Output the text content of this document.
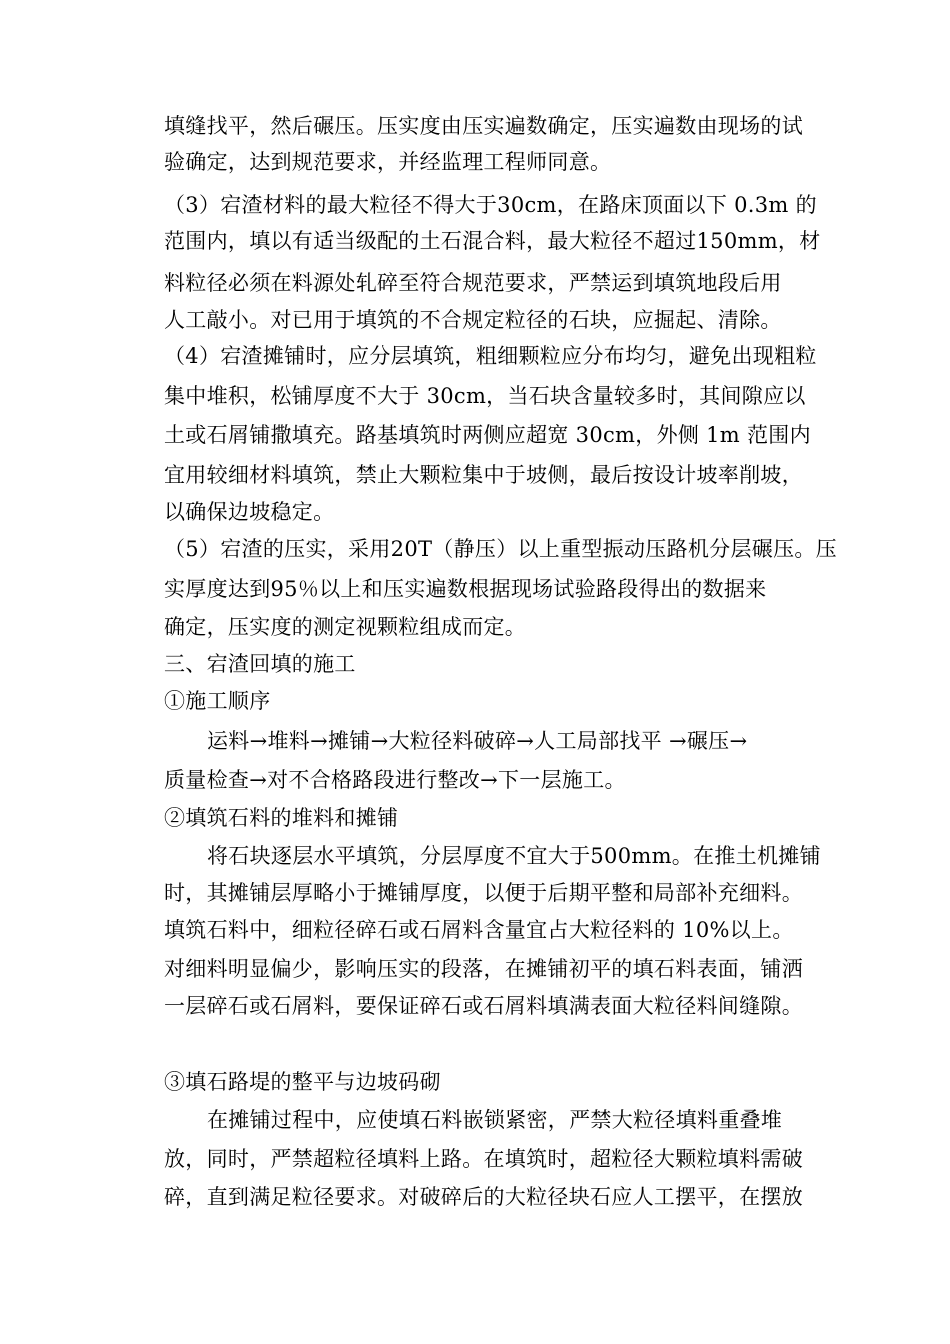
填缝找平，然后碾压。压实度由压实遍数确定，压实遍数由现场的试
验确定，达到规范要求，并经监理工程师同意。
（3）宕渣材料的最大粒径不得大于30cm，在路床顶面以下 0.3m 的
范围内，填以有适当级配的土石混合料，最大粒径不超过150mm，材
料粒径必须在料源处轧碎至符合规范要求，严禁运到填筑地段后用
人工敲小。对已用于填筑的不合规定粒径的石块，应掘起、清除。
（4）宕渣摊铺时，应分层填筑，粗细颗粒应分布均匀，避免出现粗粒
集中堆积，松铺厚度不大于 30cm，当石块含量较多时，其间隙应以
土或石屑铺撒填充。路基填筑时两侧应超宽 30cm，外侧 1m 范围内
宜用较细材料填筑，禁止大颗粒集中于坡侧，最后按设计坡率削坡，
以确保边坡稳定。
（5）宕渣的压实，采用20T（静压）以上重型振动压路机分层碾压。压
实厚度达到95％以上和压实遍数根据现场试验路段得出的数据来
确定，压实度的测定视颗粒组成而定。
三、宕渣回填的施工
①施工顺序
运料→堆料→摊铺→大粒径料破碎→人工局部找平 →碾压→
质量检查→对不合格路段进行整改→下一层施工。
②填筑石料的堆料和摊铺
将石块逐层水平填筑，分层厚度不宜大于500mm。在推土机摊铺
时，其摊铺层厚略小于摊铺厚度，以便于后期平整和局部补充细料。
填筑石料中，细粒径碎石或石屑料含量宜占大粒径料的 10%以上。
对细料明显偏少，影响压实的段落，在摊铺初平的填石料表面，铺洒
一层碎石或石屑料，要保证碎石或石屑料填满表面大粒径料间缝隙。
③填石路堤的整平与边坡码砌
在摊铺过程中，应使填石料嵌锁紧密，严禁大粒径填料重叠堆
放，同时，严禁超粒径填料上路。在填筑时，超粒径大颗粒填料需破
碎，直到满足粒径要求。对破碎后的大粒径块石应人工摆平，在摆放
